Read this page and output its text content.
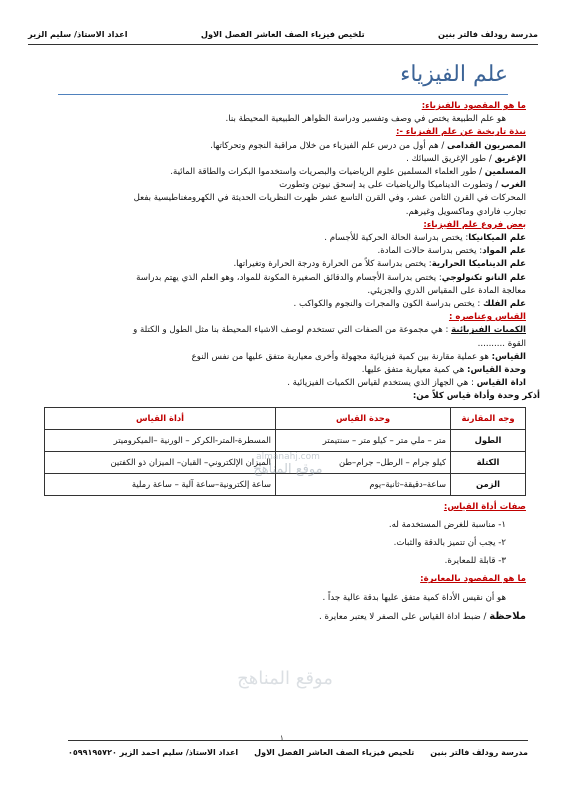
مدرسة رودلف فالتر بنين
تلخيص فيزياء الصف العاشر الفصل الاول
اعداد الاستاذ/ سليم الزير
علم الفيزياء

ما هو المقصود بالفيزياء:

هو علم الطبيعة يختص في وصف وتفسير ودراسة الظواهر الطبيعية المحيطة بنا.

نبذة تاريخية عن علم الفيزياء -:

المصريون القدامى / هم أول من درس علم الفيزياء من خلال مراقبة النجوم وتحركاتها.

الإغريق / طور الإغريق السبائك .

المسلمين / طور العلماء المسلمين علوم الرياضيات والبصريات واستخدموا البكرات والطاقة المائية.

الغرب / وتطورت الديناميكا والرياضيات على يد إسحق نيوتن وتطورت

المحركات في القرن الثامن عشر، وفي القرن التاسع عشر ظهرت النظريات الحديثة في الكهرومغناطيسية بفعل

تجارب فارادي وماكسويل وغيرهم.

بعض فروع علم الفيزياء:

علم الميكانيكا: يختص بدراسة الحالة الحركية للأجسام .

علم المواد: يختص بدراسة حالات المادة.

علم الديناميكا الحرارية: يختص بدراسة كلاً من الحرارة ودرجة الحرارة وتغيراتها.

علم النانو تكنولوجي: يختص بدراسة الأجسام والدقائق الصغيرة المكونة للمواد، وهو العلم الذي يهتم بدراسة

معالجة المادة على المقياس الذري والجزيئي.

علم الفلك : يختص بدراسة الكون والمجرات والنجوم والكواكب .

القياس وعناصره :

الكميات الفيزيائية : هي مجموعة من الصفات التي تستخدم لوصف الاشياء المحيطة بنا مثل الطول و الكتلة و

القوة ..........

القياس: هو عملية مقارنة بين كمية فيزيائية مجهولة وأخرى معيارية متفق عليها من نفس النوع

وحدة القياس: هي كمية معيارية متفق عليها.

اداة القياس : هي الجهاز الذي يستخدم لقياس الكميات الفيزيائية .

أذكر وحدة وأداة قياس كلاً من:

وجه المقارنة	وحدة القياس	أداة القياس
الطول	متر – ملي متر – كيلو متر – سنتيمتر	المسطرة-المتر-الكركر – الورنية –الميكروميتر
الكتلة	كيلو جرام – الرطل– جرام–طن	الميزان الإلكتروني– القبان– الميزان ذو الكفتين
الزمن	ساعة–دقيقة–ثانية–يوم	ساعة إلكترونية–ساعة آلية – ساعة رملية

صفات أداة القياس:

١- مناسبة للغرض المستخدمة له.

٢- يجب أن تتميز بالدقة والثبات.

٣- قابلة للمعايرة.

ما هو المقصود بالمعايرة:

هو أن نقيس الأداة كمية متفق عليها بدقة عالية جداً .

ملاحظة / ضبط اداة القياس على الصفر لا يعتبر معايرة .

almanahj.com
موقع المناهج
موقع المناهج
١
مدرسة رودلف فالتر بنين
تلخيص فيزياء الصف العاشر الفصل الاول
اعداد الاستاذ/ سليم احمد الزير ٠٥٩٩١٩٥٧٢٠
